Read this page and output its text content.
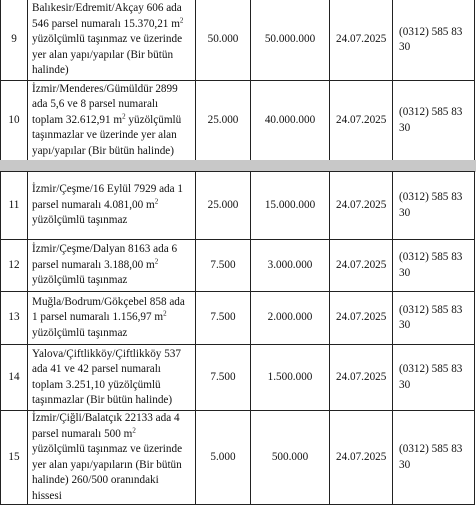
9	Balıkesir/Edremit/Akçay 606 ada 546 parsel numaralı 15.370,21 $m^2$ yüzölçümlü taşınmaz ve üzerinde yer alan yapı/yapılar (Bir bütün halinde)	50.000	50.000.000	24.07.2025	(0312) 585 83 30
10	İzmir/Menderes/Gümüldür 2899 ada 5,6 ve 8 parsel numaralı toplam 32.612,91 $m^2$ yüzölçümlü taşınmazlar ve üzerinde yer alan yapı/yapılar (Bir bütün halinde)	25.000	40.000.000	24.07.2025	(0312) 585 83 30
11	İzmir/Çeşme/16 Eylül 7929 ada 1 parsel numaralı 4.081,00 $m^2$ yüzölçümlü taşınmaz	25.000	15.000.000	24.07.2025	(0312) 585 83 30
12	İzmir/Çeşme/Dalyan 8163 ada 6 parsel numaralı 3.188,00 $m^2$ yüzölçümlü taşınmaz	7.500	3.000.000	24.07.2025	(0312) 585 83 30
13	Muğla/Bodrum/Gökçebel 858 ada 1 parsel numaralı 1.156,97 $m^2$ yüzölçümlü taşınmaz	7.500	2.000.000	24.07.2025	(0312) 585 83 30
14	Yalova/Çiftlikköy/Çiftlikköy 537 ada 41 ve 42 parsel numaralı toplam 3.251,10 yüzölçümlü taşınmazlar (Bir bütün halinde)	7.500	1.500.000	24.07.2025	(0312) 585 83 30
15	İzmir/Çiğli/Balatçık 22133 ada 4 parsel numaralı 500 $m^2$ yüzölçümlü taşınmaz ve üzerinde yer alan yapı/yapıların (Bir bütün halinde) 260/500 oranındaki hissesi	5.000	500.000	24.07.2025	(0312) 585 83 30
